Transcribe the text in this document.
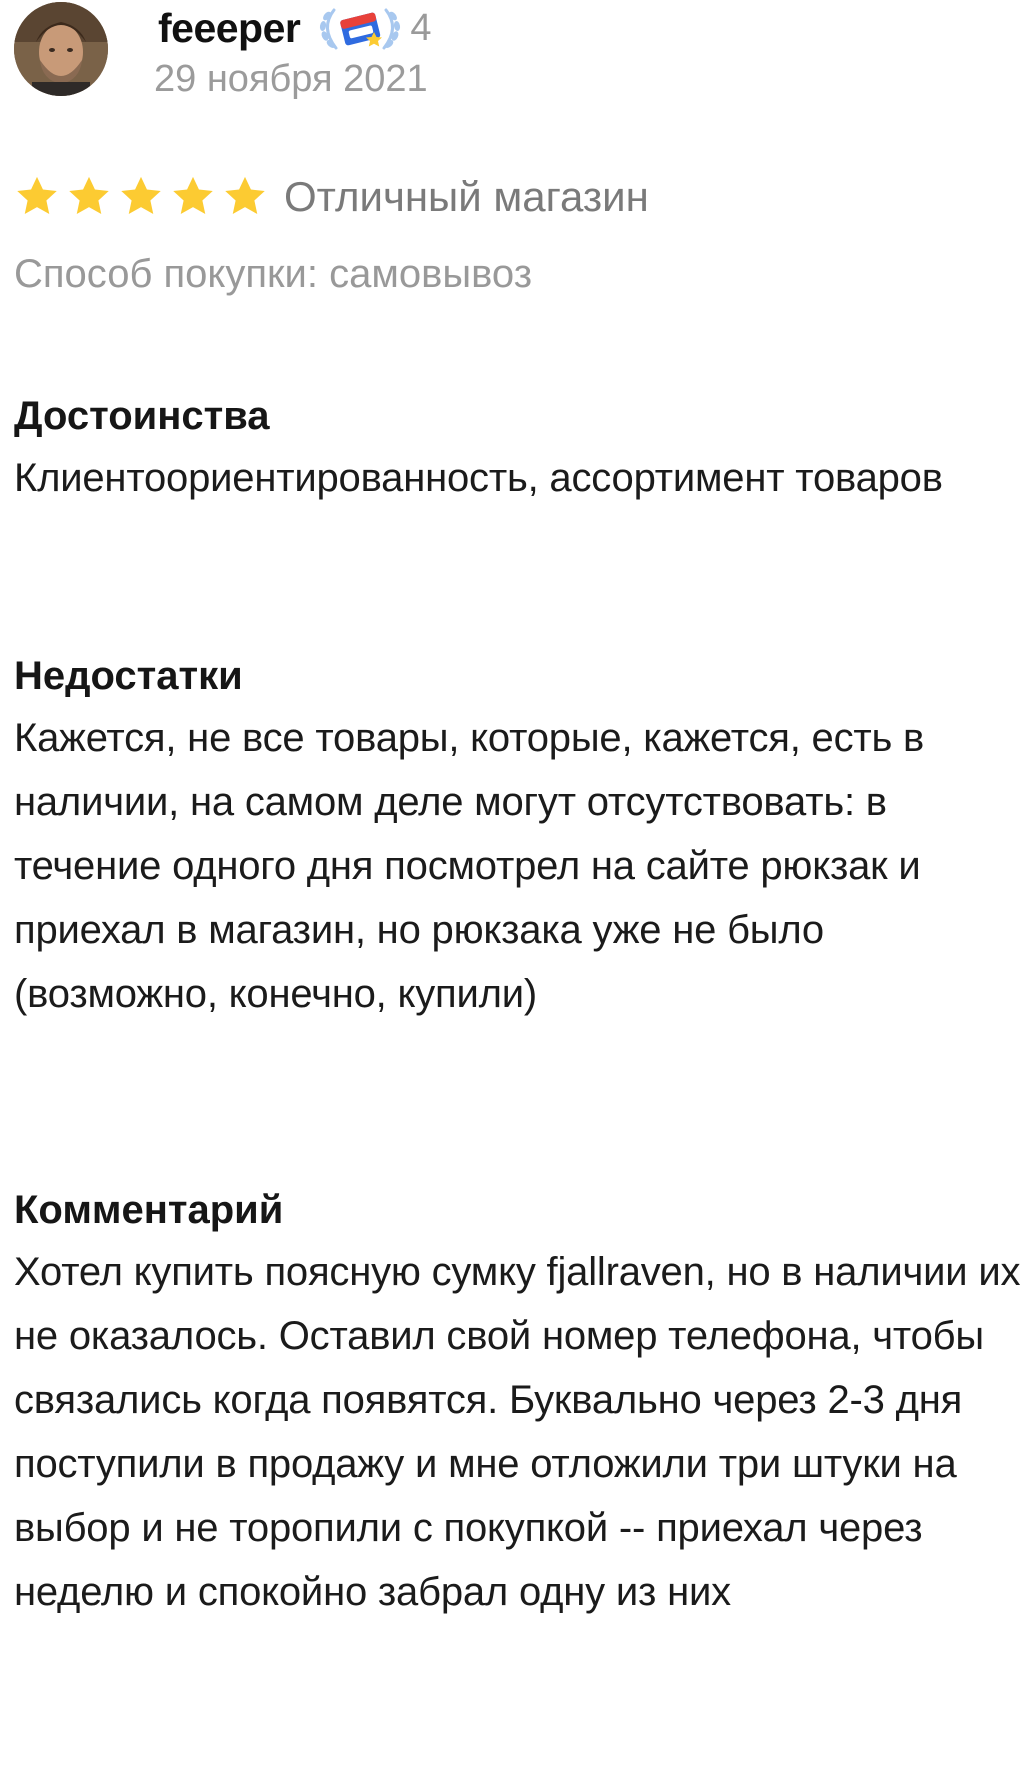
feeeper	4
29 ноября 2021
Отличный магазин
Способ покупки: самовывоз

Достоинства

Клиентоориентированность, ассортимент товаров

Недостатки

Кажется, не все товары, которые, кажется, есть в наличии, на самом деле могут отсутствовать: в течение одного дня посмотрел на сайте рюкзак и приехал в магазин, но рюкзака уже не было (возможно, конечно, купили)

Комментарий

Хотел купить поясную сумку fjallraven, но в наличии их не оказалось. Оставил свой номер телефона, чтобы связались когда появятся. Буквально через 2-3 дня поступили в продажу и мне отложили три штуки на выбор и не торопили с покупкой -- приехал через неделю и спокойно забрал одну из них
